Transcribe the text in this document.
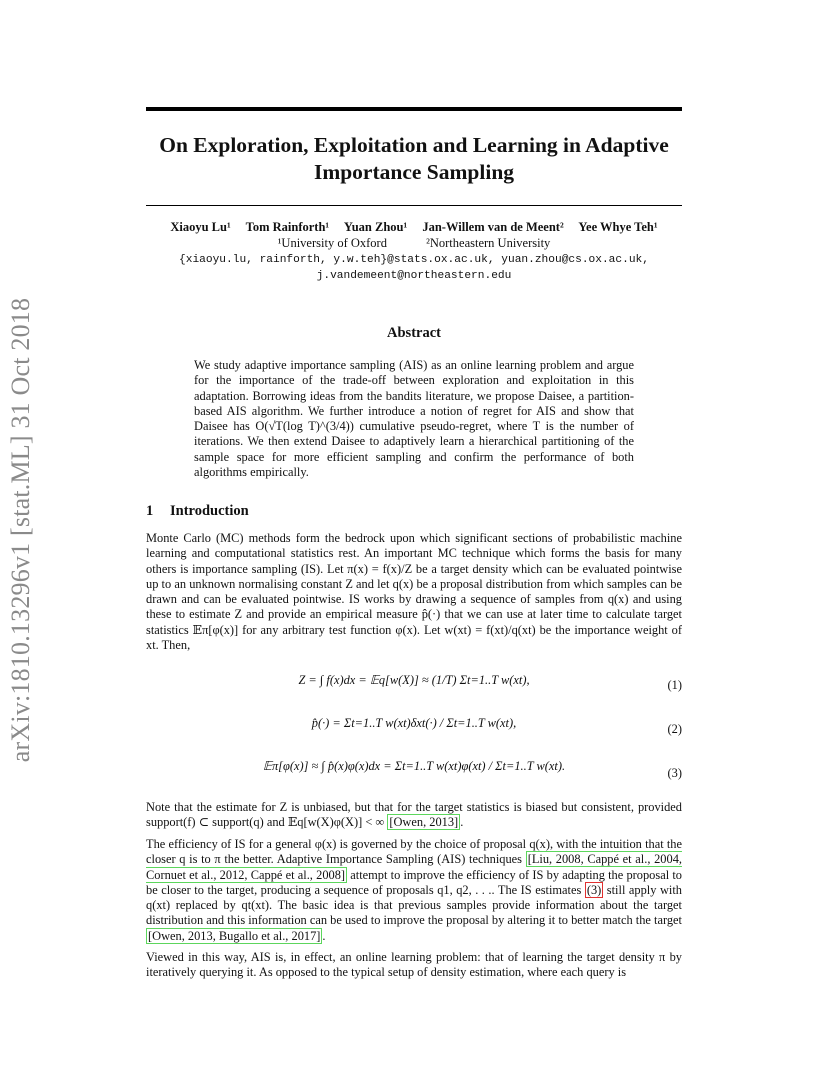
arXiv:1810.13296v1 [stat.ML] 31 Oct 2018
On Exploration, Exploitation and Learning in Adaptive Importance Sampling
Xiaoyu Lu¹ Tom Rainforth¹ Yuan Zhou¹ Jan-Willem van de Meent² Yee Whye Teh¹
¹University of Oxford	²Northeastern University
{xiaoyu.lu, rainforth, y.w.teh}@stats.ox.ac.uk, yuan.zhou@cs.ox.ac.uk,
j.vandemeent@northeastern.edu
Abstract
We study adaptive importance sampling (AIS) as an online learning problem and argue for the importance of the trade-off between exploration and exploitation in this adaptation. Borrowing ideas from the bandits literature, we propose Daisee, a partition-based AIS algorithm. We further introduce a notion of regret for AIS and show that Daisee has O(√T(log T)^(3/4)) cumulative pseudo-regret, where T is the number of iterations. We then extend Daisee to adaptively learn a hierarchical partitioning of the sample space for more efficient sampling and confirm the performance of both algorithms empirically.
1 Introduction
Monte Carlo (MC) methods form the bedrock upon which significant sections of probabilistic machine learning and computational statistics rest. An important MC technique which forms the basis for many others is importance sampling (IS). Let π(x) = f(x)/Z be a target density which can be evaluated pointwise up to an unknown normalising constant Z and let q(x) be a proposal distribution from which samples can be drawn and can be evaluated pointwise. IS works by drawing a sequence of samples from q(x) and using these to estimate Z and provide an empirical measure p̂(·) that we can use at later time to calculate target statistics 𝔼π[φ(x)] for any arbitrary test function φ(x). Let w(xt) = f(xt)/q(xt) be the importance weight of xt. Then,
Z = ∫ f(x)dx = 𝔼q[w(X)] ≈ (1/T) Σt=1..T w(xt),	(1)
p̂(·) = Σt=1..T w(xt)δxt(·) / Σt=1..T w(xt),	(2)
𝔼π[φ(x)] ≈ ∫ p̂(x)φ(x)dx = Σt=1..T w(xt)φ(xt) / Σt=1..T w(xt).	(3)
Note that the estimate for Z is unbiased, but that for the target statistics is biased but consistent, provided support(f) ⊂ support(q) and 𝔼q[w(X)φ(X)] < ∞ [Owen, 2013] .
The efficiency of IS for a general φ(x) is governed by the choice of proposal q(x), with the intuition that the closer q is to π the better. Adaptive Importance Sampling (AIS) techniques [Liu, 2008, Cappé et al., 2004, Cornuet et al., 2012, Cappé et al., 2008] attempt to improve the efficiency of IS by adapting the proposal to be closer to the target, producing a sequence of proposals q1, q2, . . .. The IS estimates (3) still apply with q(xt) replaced by qt(xt). The basic idea is that previous samples provide information about the target distribution and this information can be used to improve the proposal by altering it to better match the target [Owen, 2013, Bugallo et al., 2017] .
Viewed in this way, AIS is, in effect, an online learning problem: that of learning the target density π by iteratively querying it. As opposed to the typical setup of density estimation, where each query is
